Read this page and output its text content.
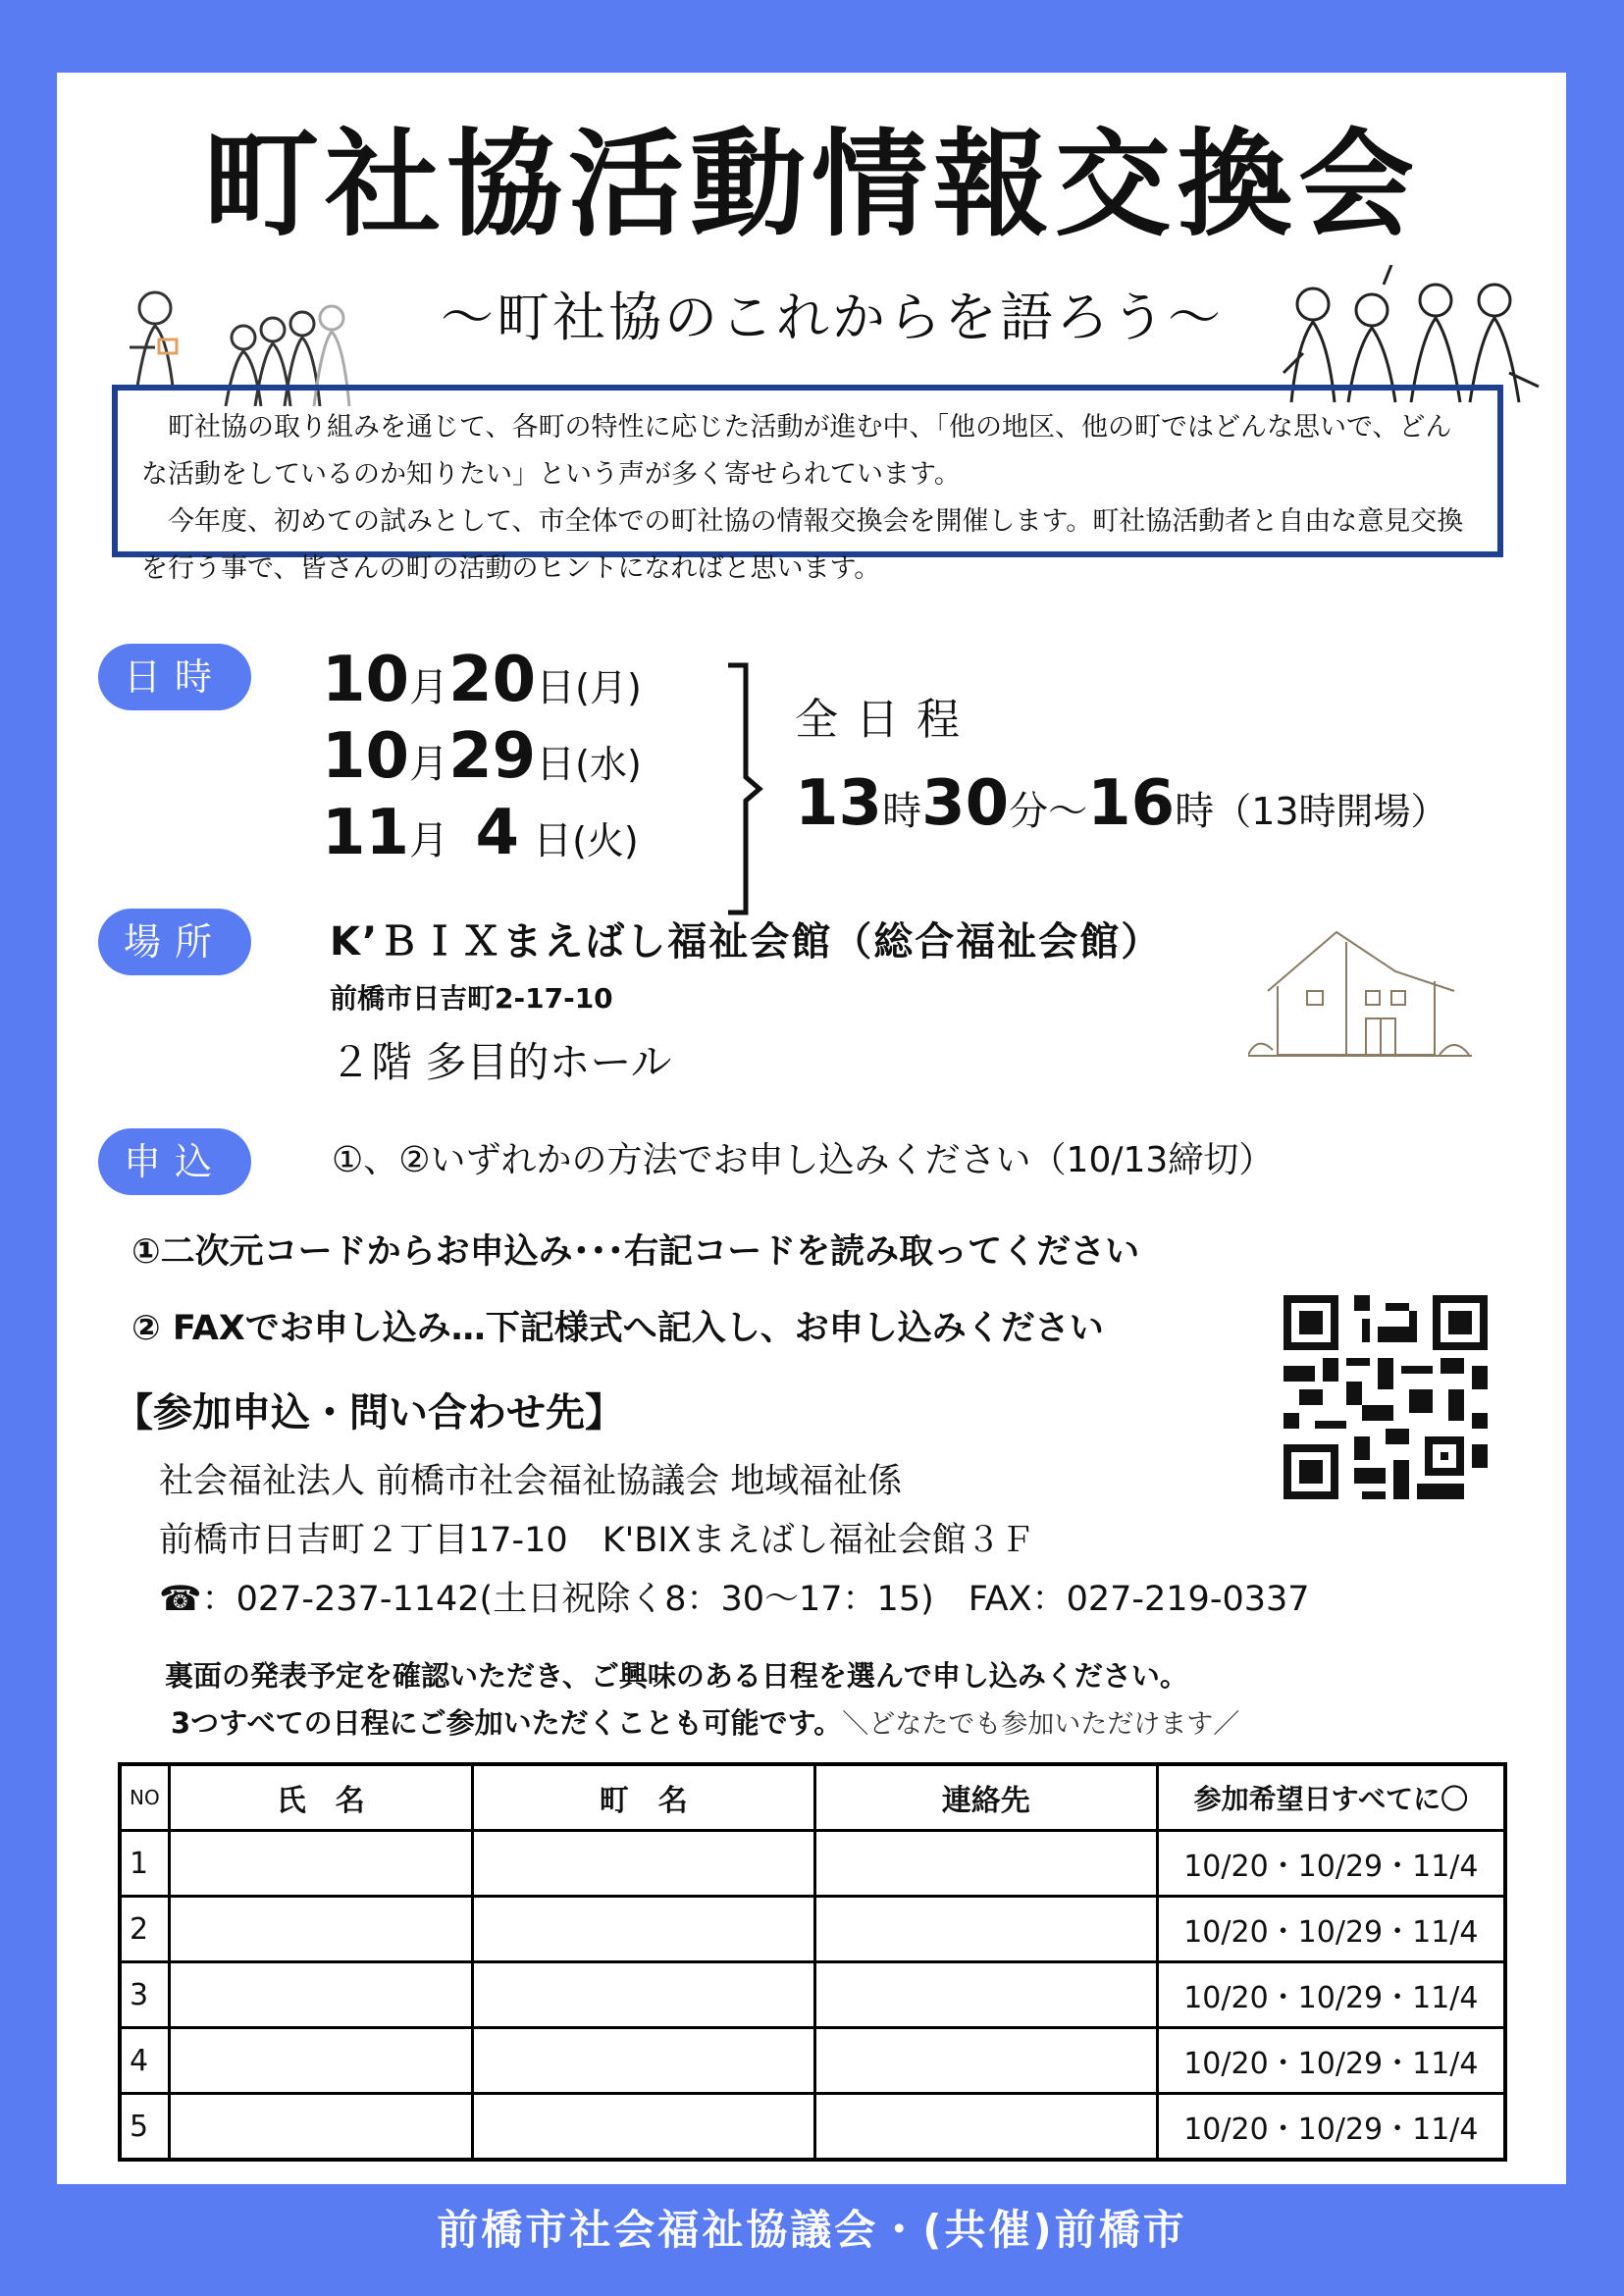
町社協活動情報交換会
～町社協のこれからを語ろう～

町社協の取り組みを通じて、各町の特性に応じた活動が進む中、「他の地区、他の町ではどんな思いで、どんな活動をしているのか知りたい」という声が多く寄せられています。

今年度、初めての試みとして、市全体での町社協の情報交換会を開催します。町社協活動者と自由な意見交換を行う事で、皆さんの町の活動のヒントになればと思います。

日時	10月20日(月)
10月29日(水)
11月 4 日(火)
全日程
13時30分～16時（13時開場）
場所	K’ＢＩＸまえばし福祉会館（総合福祉会館）
前橋市日吉町2-17-10
２階 多目的ホール
申込	①、②いずれかの方法でお申し込みください（10/13締切）
①二次元コードからお申込み･･･右記コードを読み取ってください
② FAXでお申し込み…下記様式へ記入し、お申し込みください
【参加申込・問い合わせ先】
社会福祉法人 前橋市社会福祉協議会 地域福祉係
前橋市日吉町２丁目17-10　K'BIXまえばし福祉会館３Ｆ
☎：027-237-1142(土日祝除く8：30～17：15)　FAX：027-219-0337
裏面の発表予定を確認いただき、ご興味のある日程を選んで申し込みください。
3つすべての日程にご参加いただくことも可能です。＼どなたでも参加いただけます／
NO	氏　名	町　名	連絡先	参加希望日すべてに〇
1				10/20・10/29・11/4
2				10/20・10/29・11/4
3				10/20・10/29・11/4
4				10/20・10/29・11/4
5				10/20・10/29・11/4
前橋市社会福祉協議会・(共催)前橋市
